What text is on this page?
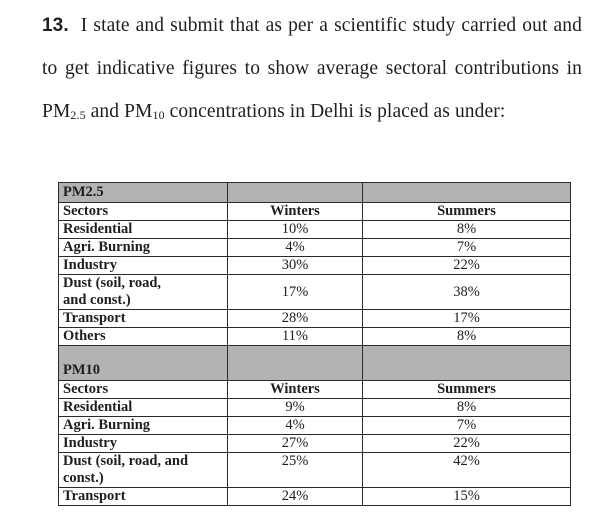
13. I state and submit that as per a scientific study carried out and to get indicative figures to show average sectoral contributions in $PM_{2.5}$ and $PM_{10}$ concentrations in Delhi is placed as under:

PM2.5		
Sectors	Winters	Summers
Residential	10%	8%
Agri. Burning	4%	7%
Industry	30%	22%
Dust (soil, road, and const.)	17%	38%
Transport	28%	17%
Others	11%	8%
PM10		
Sectors	Winters	Summers
Residential	9%	8%
Agri. Burning	4%	7%
Industry	27%	22%
Dust (soil, road, and const.)	25%	42%
Transport	24%	15%
